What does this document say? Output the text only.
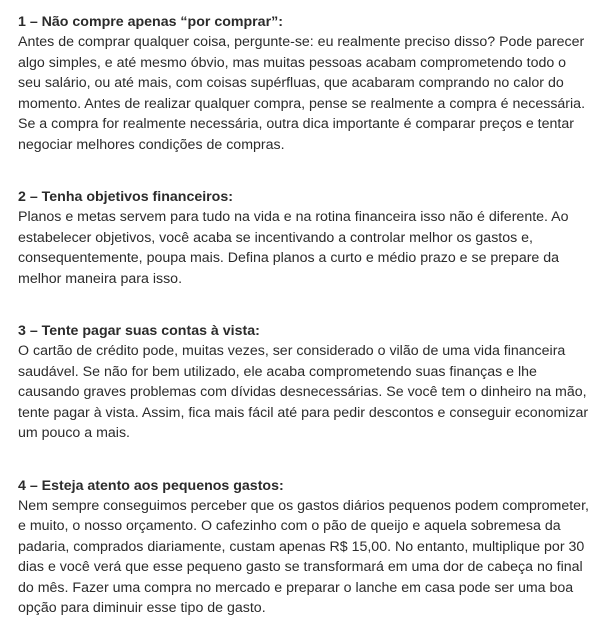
1 – Não compre apenas “por comprar”:

Antes de comprar qualquer coisa, pergunte-se: eu realmente preciso disso? Pode parecer algo simples, e até mesmo óbvio, mas muitas pessoas acabam comprometendo todo o seu salário, ou até mais, com coisas supérfluas, que acabaram comprando no calor do momento. Antes de realizar qualquer compra, pense se realmente a compra é necessária. Se a compra for realmente necessária, outra dica importante é comparar preços e tentar negociar melhores condições de compras.

2 – Tenha objetivos financeiros:

Planos e metas servem para tudo na vida e na rotina financeira isso não é diferente. Ao estabelecer objetivos, você acaba se incentivando a controlar melhor os gastos e, consequentemente, poupa mais. Defina planos a curto e médio prazo e se prepare da melhor maneira para isso.

3 – Tente pagar suas contas à vista:

O cartão de crédito pode, muitas vezes, ser considerado o vilão de uma vida financeira saudável. Se não for bem utilizado, ele acaba comprometendo suas finanças e lhe causando graves problemas com dívidas desnecessárias. Se você tem o dinheiro na mão, tente pagar à vista. Assim, fica mais fácil até para pedir descontos e conseguir economizar um pouco a mais.

4 – Esteja atento aos pequenos gastos:

Nem sempre conseguimos perceber que os gastos diários pequenos podem comprometer, e muito, o nosso orçamento. O cafezinho com o pão de queijo e aquela sobremesa da padaria, comprados diariamente, custam apenas R$ 15,00. No entanto, multiplique por 30 dias e você verá que esse pequeno gasto se transformará em uma dor de cabeça no final do mês. Fazer uma compra no mercado e preparar o lanche em casa pode ser uma boa opção para diminuir esse tipo de gasto.
